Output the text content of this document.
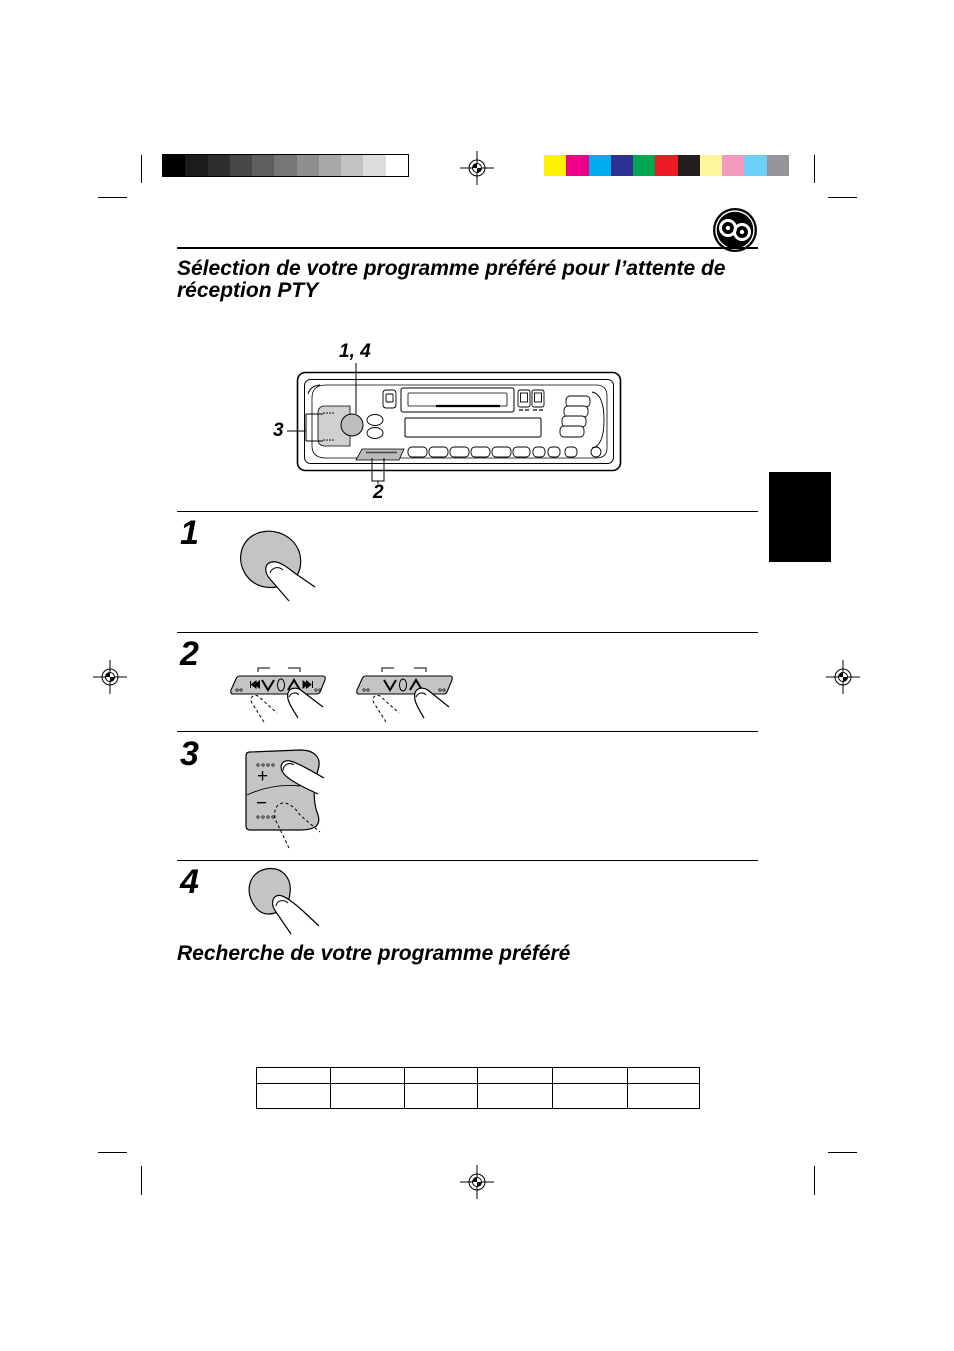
Sélection de votre programme préféré pour l’attente de
réception PTY
1, 4
3
2
1
2
3
4
+
−
Recherche de votre programme préféré
